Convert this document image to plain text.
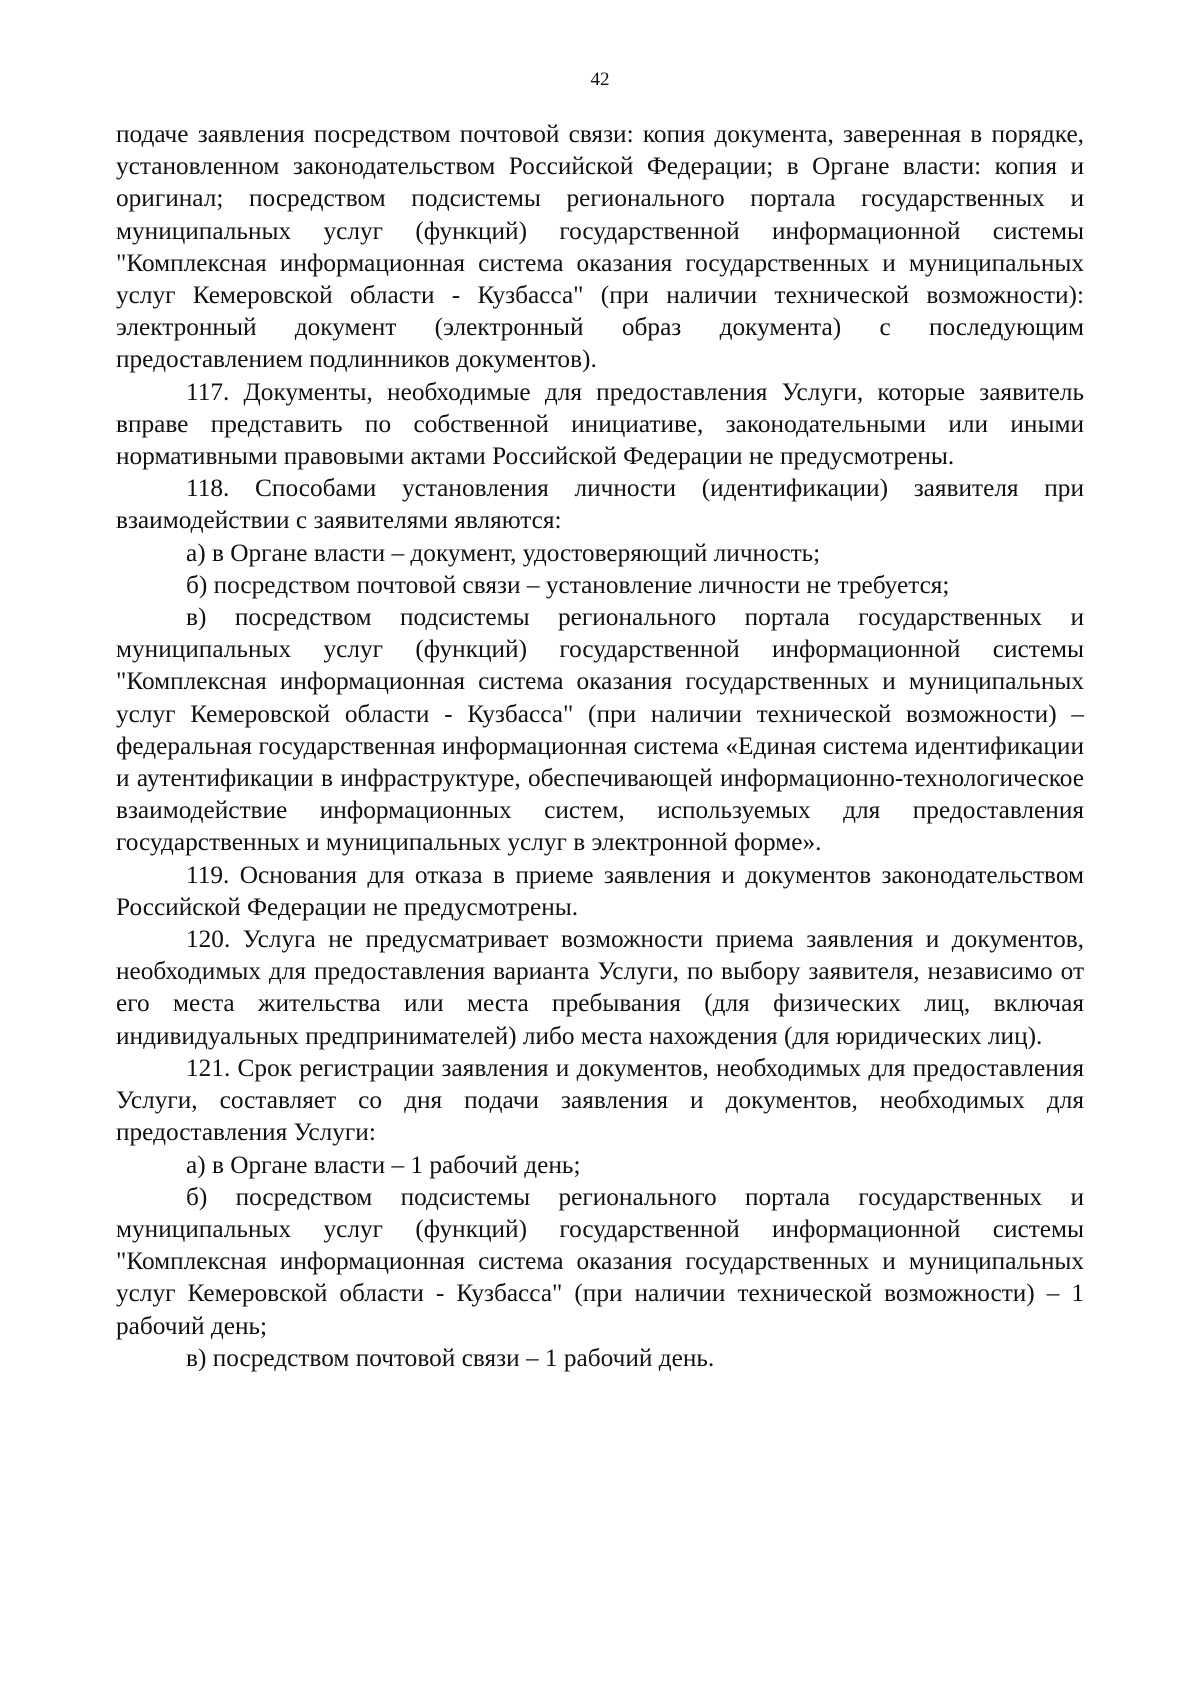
42

подаче заявления посредством почтовой связи: копия документа, заверенная в порядке, установленном законодательством Российской Федерации; в Органе власти: копия и оригинал; посредством подсистемы регионального портала государственных и муниципальных услуг (функций) государственной информационной системы "Комплексная информационная система оказания государственных и муниципальных услуг Кемеровской области - Кузбасса" (при наличии технической возможности): электронный документ (электронный образ документа) с последующим предоставлением подлинников документов).

117. Документы, необходимые для предоставления Услуги, которые заявитель вправе представить по собственной инициативе, законодательными или иными нормативными правовыми актами Российской Федерации не предусмотрены.

118. Способами установления личности (идентификации) заявителя при взаимодействии с заявителями являются:

а) в Органе власти – документ, удостоверяющий личность;

б) посредством почтовой связи – установление личности не требуется;

в) посредством подсистемы регионального портала государственных и муниципальных услуг (функций) государственной информационной системы "Комплексная информационная система оказания государственных и муниципальных услуг Кемеровской области - Кузбасса" (при наличии технической возможности) – федеральная государственная информационная система «Единая система идентификации и аутентификации в инфраструктуре, обеспечивающей информационно-технологическое взаимодействие информационных систем, используемых для предоставления государственных и муниципальных услуг в электронной форме».

119. Основания для отказа в приеме заявления и документов законодательством Российской Федерации не предусмотрены.

120. Услуга не предусматривает возможности приема заявления и документов, необходимых для предоставления варианта Услуги, по выбору заявителя, независимо от его места жительства или места пребывания (для физических лиц, включая индивидуальных предпринимателей) либо места нахождения (для юридических лиц).

121. Срок регистрации заявления и документов, необходимых для предоставления Услуги, составляет со дня подачи заявления и документов, необходимых для предоставления Услуги:

а) в Органе власти – 1 рабочий день;

б) посредством подсистемы регионального портала государственных и муниципальных услуг (функций) государственной информационной системы "Комплексная информационная система оказания государственных и муниципальных услуг Кемеровской области - Кузбасса" (при наличии технической возможности) – 1 рабочий день;

в) посредством почтовой связи – 1 рабочий день.
